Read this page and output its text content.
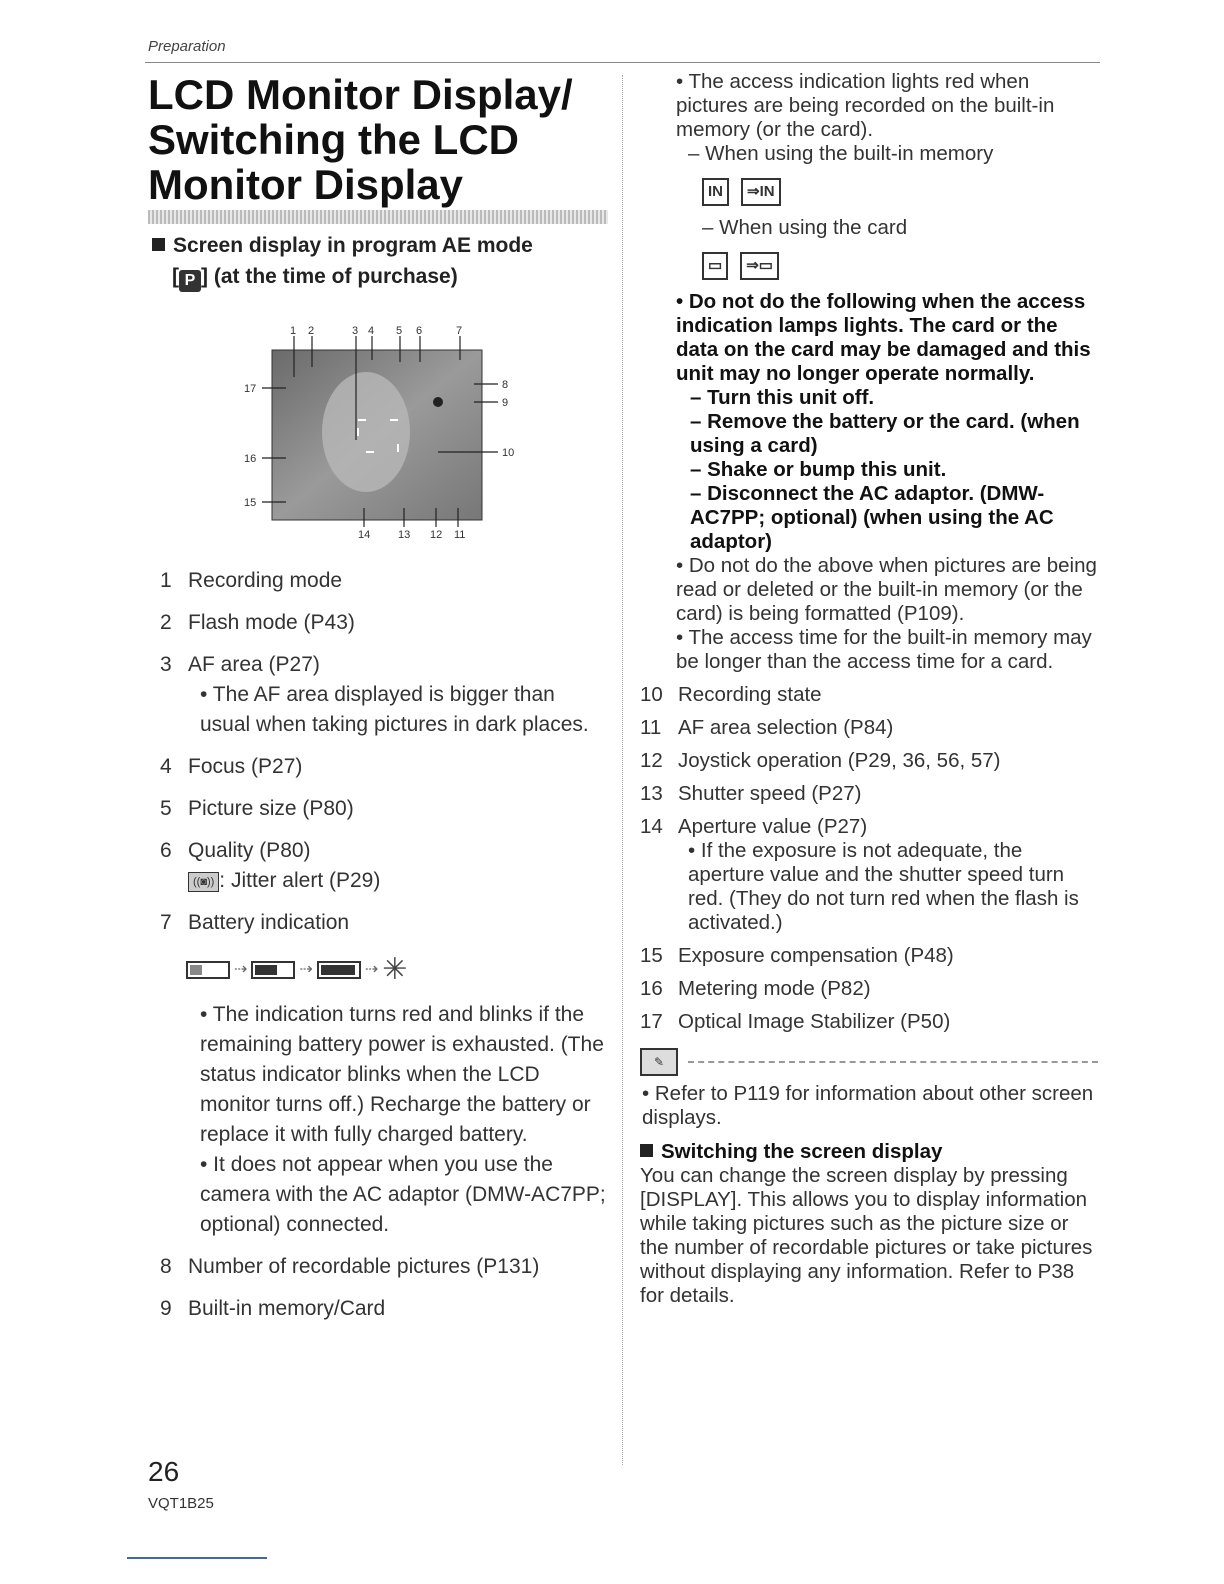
Preparation
LCD Monitor Display/
Switching the LCD
Monitor Display
Screen display in program AE mode
[ P ] (at the time of purchase)
1 2	3 4 5 6	7
17
16
15
8
9
10
14	13 12 11
1 Recording mode
2 Flash mode (P43)
3 AF area (P27)
• The AF area displayed is bigger than usual when taking pictures in dark places.
4 Focus (P27)
5 Picture size (P80)
6 Quality (P80)
((◙)) : Jitter alert (P29)
7 Battery indication
⇢	⇢	⇢ ✳
• The indication turns red and blinks if the remaining battery power is exhausted. (The status indicator blinks when the LCD monitor turns off.) Recharge the battery or replace it with fully charged battery.
• It does not appear when you use the camera with the AC adaptor (DMW-AC7PP; optional) connected.
8 Number of recordable pictures (P131)
9 Built-in memory/Card
• The access indication lights red when pictures are being recorded on the built-in memory (or the card).
– When using the built-in memory
IN	⇒IN
– When using the card
▭	⇒▭
• Do not do the following when the access indication lamps lights. The card or the data on the card may be damaged and this unit may no longer operate normally.
– Turn this unit off.
– Remove the battery or the card. (when using a card)
– Shake or bump this unit.
– Disconnect the AC adaptor. (DMW-AC7PP; optional) (when using the AC adaptor)
• Do not do the above when pictures are being read or deleted or the built-in memory (or the card) is being formatted (P109).
• The access time for the built-in memory may be longer than the access time for a card.
10 Recording state
11 AF area selection (P84)
12 Joystick operation (P29, 36, 56, 57)
13 Shutter speed (P27)
14 Aperture value (P27)
• If the exposure is not adequate, the aperture value and the shutter speed turn red. (They do not turn red when the flash is activated.)
15 Exposure compensation (P48)
16 Metering mode (P82)
17 Optical Image Stabilizer (P50)
✎
• Refer to P119 for information about other screen displays.
Switching the screen display
You can change the screen display by pressing [DISPLAY]. This allows you to display information while taking pictures such as the picture size or the number of recordable pictures or take pictures without displaying any information. Refer to P38 for details.
26
VQT1B25
